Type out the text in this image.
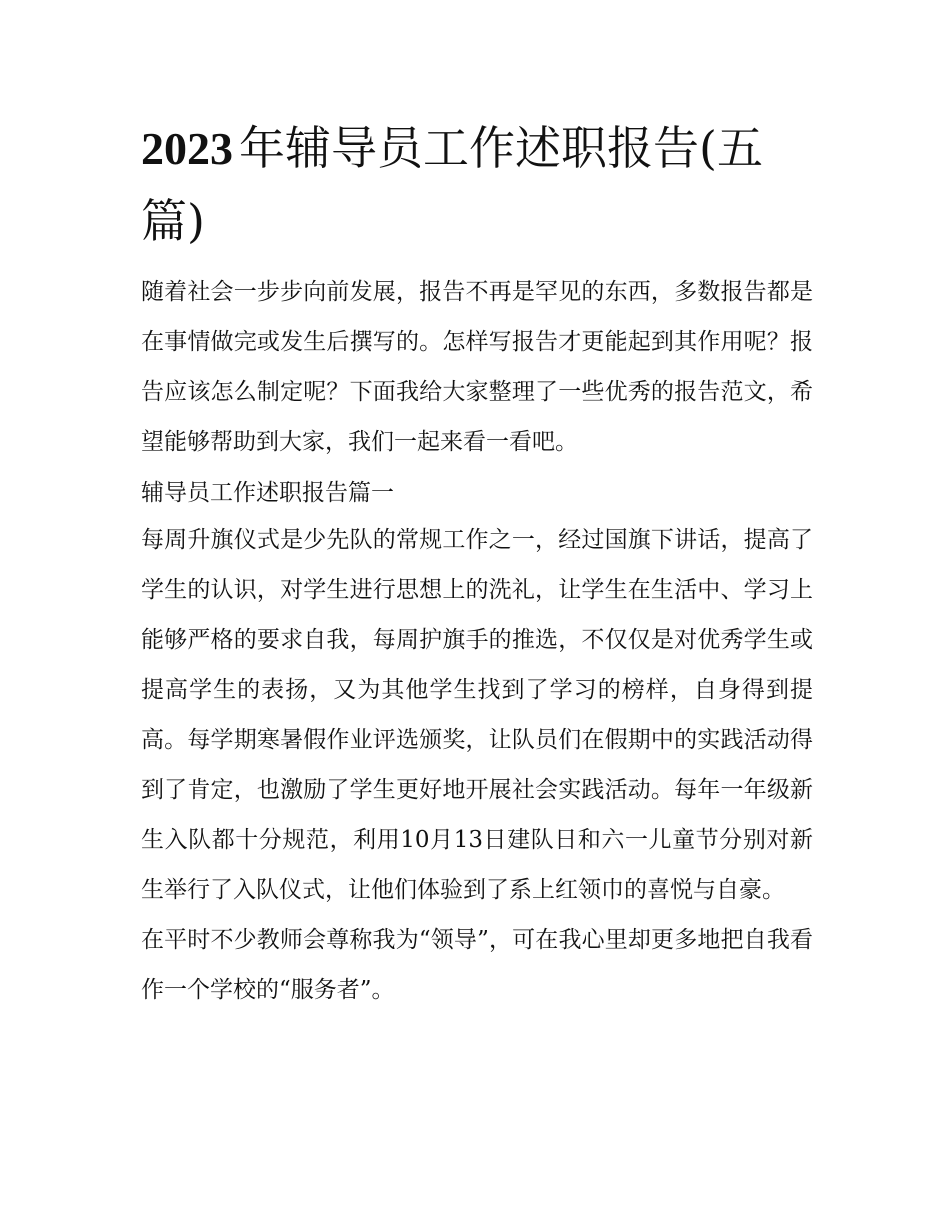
2023 年辅导员工作述职报告(五篇)

随着社会一步步向前发展，报告不再是罕见的东西，多数报告都是在事情做完或发生后撰写的。怎样写报告才更能起到其作用呢？报告应该怎么制定呢？下面我给大家整理了一些优秀的报告范文，希望能够帮助到大家，我们一起来看一看吧。

辅导员工作述职报告篇一

每周升旗仪式是少先队的常规工作之一，经过国旗下讲话，提高了学生的认识，对学生进行思想上的洗礼，让学生在生活中、学习上能够严格的要求自我，每周护旗手的推选，不仅仅是对优秀学生或提高学生的表扬，又为其他学生找到了学习的榜样，自身得到提高。每学期寒暑假作业评选颁奖，让队员们在假期中的实践活动得到了肯定，也激励了学生更好地开展社会实践活动。每年一年级新生入队都十分规范，利用10月13日建队日和六一儿童节分别对新生举行了入队仪式，让他们体验到了系上红领巾的喜悦与自豪。

在平时不少教师会尊称我为“领导”，可在我心里却更多地把自我看作一个学校的“服务者”。
